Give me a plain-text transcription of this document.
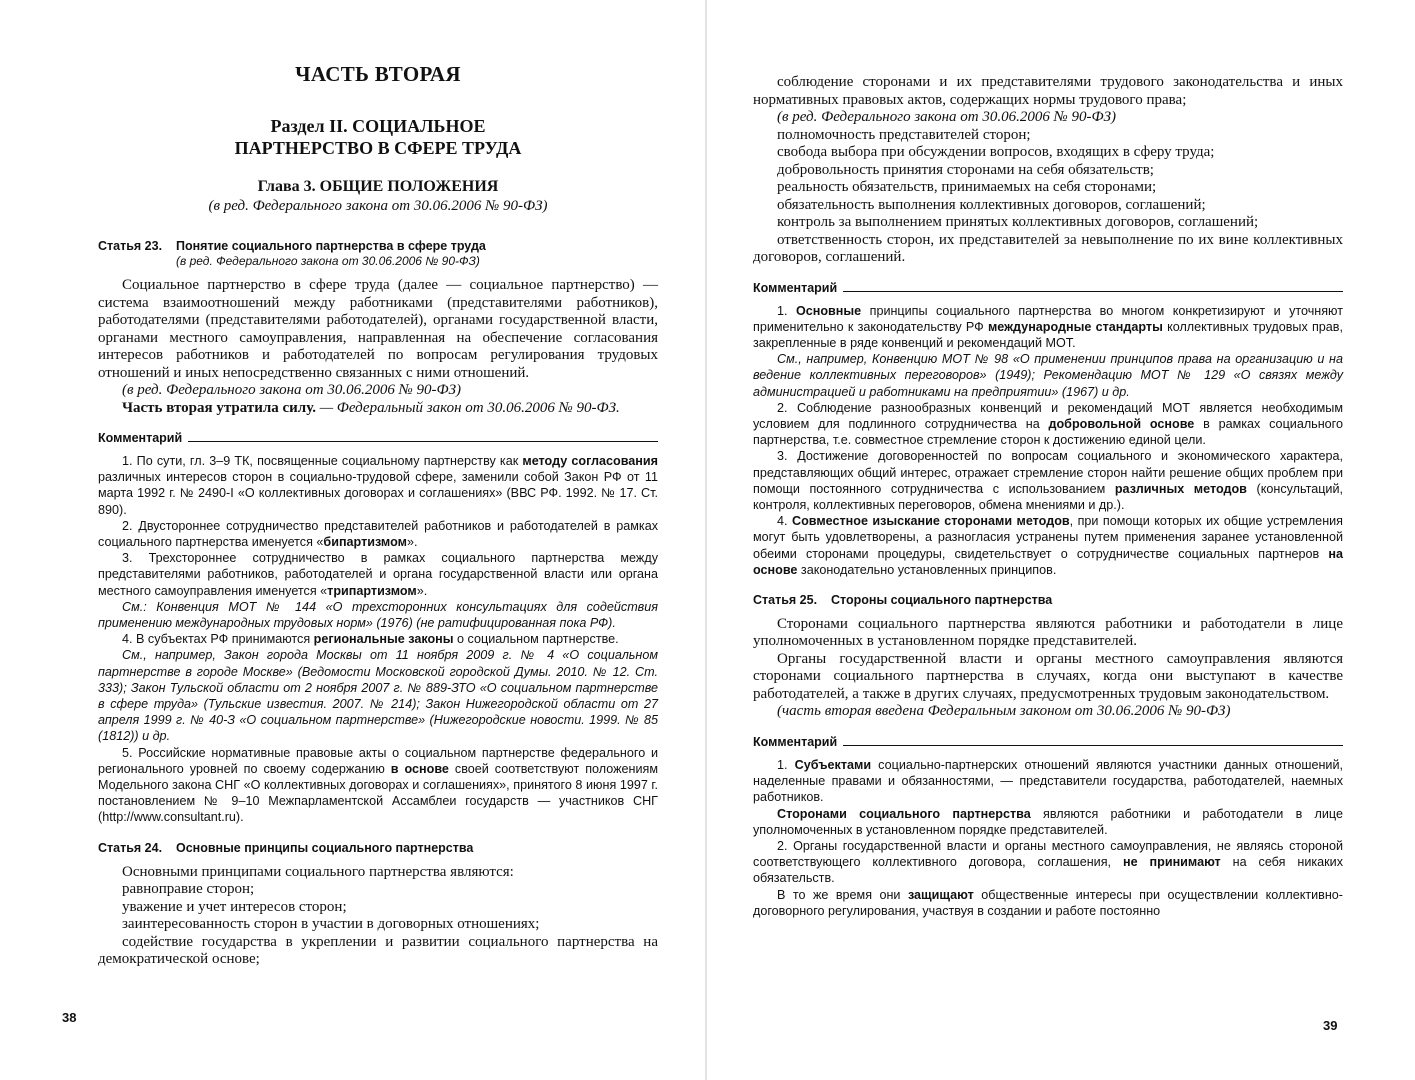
ЧАСТЬ ВТОРАЯ

Раздел II. СОЦИАЛЬНОЕ
ПАРТНЕРСТВО В СФЕРЕ ТРУДА

Глава 3. ОБЩИЕ ПОЛОЖЕНИЯ

(в ред. Федерального закона от 30.06.2006 № 90-ФЗ)

Статья 23.	Понятие социального партнерства в сфере труда

(в ред. Федерального закона от 30.06.2006 № 90-ФЗ)

Социальное партнерство в сфере труда (далее — социальное партнерство) — система взаимоотношений между работниками (представителями работников), работодателями (представителями работодателей), органами государственной власти, органами местного самоуправления, направленная на обеспечение согласования интересов работников и работодателей по вопросам регулирования трудовых отношений и иных непосредственно связанных с ними отношений.

(в ред. Федерального закона от 30.06.2006 № 90-ФЗ)

Часть вторая утратила силу. — Федеральный закон от 30.06.2006 № 90-ФЗ.

Комментарий

1. По сути, гл. 3–9 ТК, посвященные социальному партнерству как методу согласования различных интересов сторон в социально-трудовой сфере, заменили собой Закон РФ от 11 марта 1992 г. № 2490-I «О коллективных договорах и соглашениях» (ВВС РФ. 1992. № 17. Ст. 890).

2. Двустороннее сотрудничество представителей работников и работодателей в рамках социального партнерства именуется «бипартизмом».

3. Трехстороннее сотрудничество в рамках социального партнерства между представителями работников, работодателей и органа государственной власти или органа местного самоуправления именуется «трипартизмом».

См.: Конвенция МОТ № 144 «О трехсторонних консультациях для содействия применению международных трудовых норм» (1976) (не ратифицированная пока РФ).

4. В субъектах РФ принимаются региональные законы о социальном партнерстве.

См., например, Закон города Москвы от 11 ноября 2009 г. № 4 «О социальном партнерстве в городе Москве» (Ведомости Московской городской Думы. 2010. № 12. Ст. 333); Закон Тульской области от 2 ноября 2007 г. № 889-ЗТО «О социальном партнерстве в сфере труда» (Тульские известия. 2007. № 214); Закон Нижегородской области от 27 апреля 1999 г. № 40-З «О социальном партнерстве» (Нижегородские новости. 1999. № 85 (1812)) и др.

5. Российские нормативные правовые акты о социальном партнерстве федерального и регионального уровней по своему содержанию в основе своей соответствуют положениям Модельного закона СНГ «О коллективных договорах и соглашениях», принятого 8 июня 1997 г. постановлением № 9–10 Межпарламентской Ассамблеи государств — участников СНГ (http://www.consultant.ru).

Статья 24.	Основные принципы социального партнерства

Основными принципами социального партнерства являются:

равноправие сторон;

уважение и учет интересов сторон;

заинтересованность сторон в участии в договорных отношениях;

содействие государства в укреплении и развитии социального партнерства на демократической основе;

38

соблюдение сторонами и их представителями трудового законодательства и иных нормативных правовых актов, содержащих нормы трудового права;

(в ред. Федерального закона от 30.06.2006 № 90-ФЗ)

полномочность представителей сторон;

свобода выбора при обсуждении вопросов, входящих в сферу труда;

добровольность принятия сторонами на себя обязательств;

реальность обязательств, принимаемых на себя сторонами;

обязательность выполнения коллективных договоров, соглашений;

контроль за выполнением принятых коллективных договоров, соглашений;

ответственность сторон, их представителей за невыполнение по их вине коллективных договоров, соглашений.

Комментарий

1. Основные принципы социального партнерства во многом конкретизируют и уточняют применительно к законодательству РФ международные стандарты коллективных трудовых прав, закрепленные в ряде конвенций и рекомендаций МОТ.

См., например, Конвенцию МОТ № 98 «О применении принципов права на организацию и на ведение коллективных переговоров» (1949); Рекомендацию МОТ № 129 «О связях между администрацией и работниками на предприятии» (1967) и др.

2. Соблюдение разнообразных конвенций и рекомендаций МОТ является необходимым условием для подлинного сотрудничества на добровольной основе в рамках социального партнерства, т.е. совместное стремление сторон к достижению единой цели.

3. Достижение договоренностей по вопросам социального и экономического характера, представляющих общий интерес, отражает стремление сторон найти решение общих проблем при помощи постоянного сотрудничества с использованием различных методов (консультаций, контроля, коллективных переговоров, обмена мнениями и др.).

4. Совместное изыскание сторонами методов, при помощи которых их общие устремления могут быть удовлетворены, а разногласия устранены путем применения заранее установленной обеими сторонами процедуры, свидетельствует о сотрудничестве социальных партнеров на основе законодательно установленных принципов.

Статья 25.	Стороны социального партнерства

Сторонами социального партнерства являются работники и работодатели в лице уполномоченных в установленном порядке представителей.

Органы государственной власти и органы местного самоуправления являются сторонами социального партнерства в случаях, когда они выступают в качестве работодателей, а также в других случаях, предусмотренных трудовым законодательством.

(часть вторая введена Федеральным законом от 30.06.2006 № 90-ФЗ)

Комментарий

1. Субъектами социально-партнерских отношений являются участники данных отношений, наделенные правами и обязанностями, — представители государства, работодателей, наемных работников.

Сторонами социального партнерства являются работники и работодатели в лице уполномоченных в установленном порядке представителей.

2. Органы государственной власти и органы местного самоуправления, не являясь стороной соответствующего коллективного договора, соглашения, не принимают на себя никаких обязательств.

В то же время они защищают общественные интересы при осуществлении коллективно-договорного регулирования, участвуя в создании и работе постоянно

39
